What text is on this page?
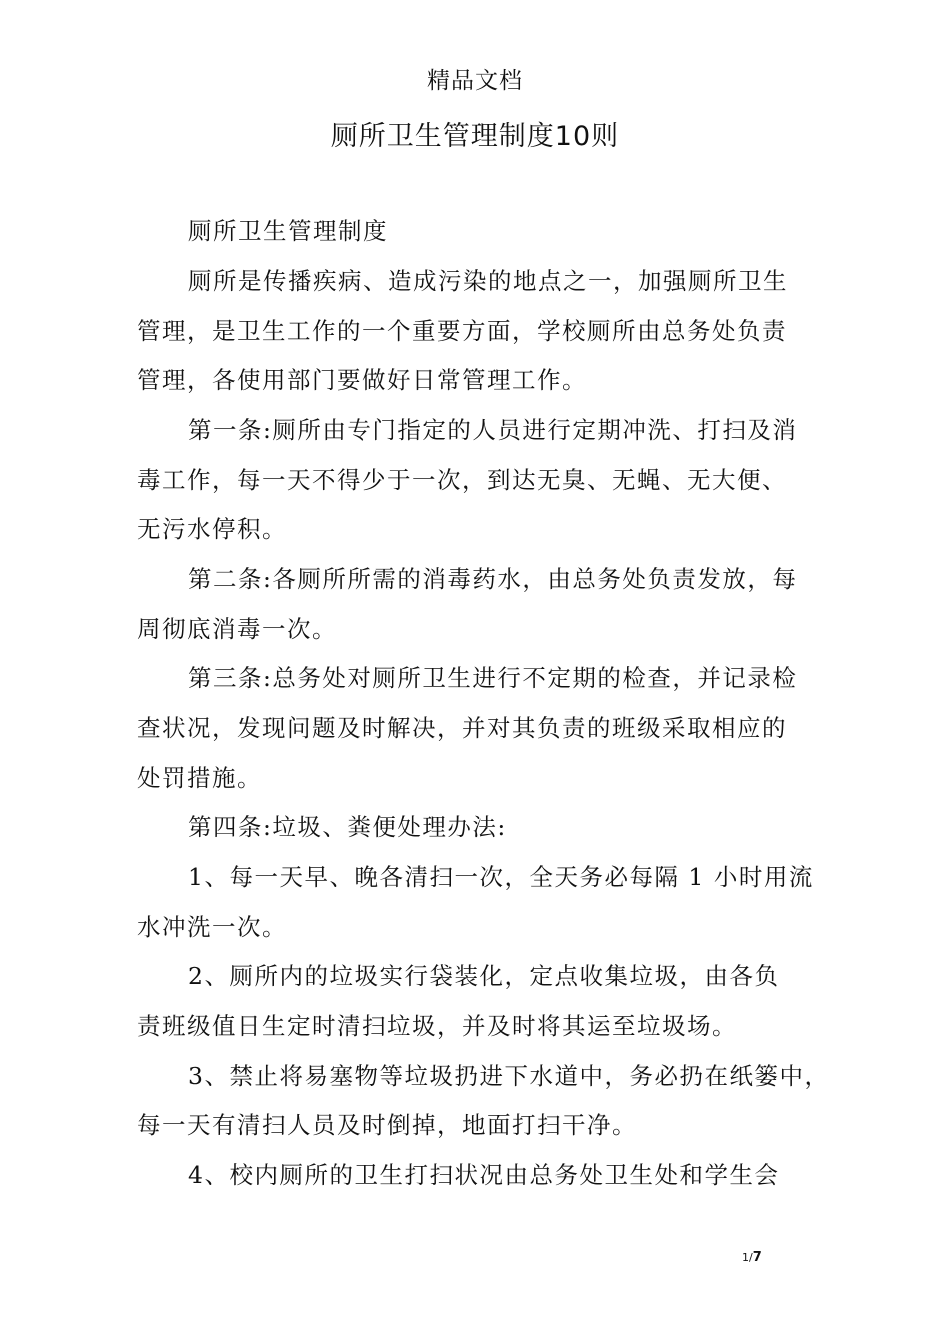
精品文档
厕所卫生管理制度10则
厕所卫生管理制度
厕所是传播疾病、造成污染的地点之一，加强厕所卫生
管理，是卫生工作的一个重要方面，学校厕所由总务处负责
管理，各使用部门要做好日常管理工作。
第一条:厕所由专门指定的人员进行定期冲洗、打扫及消
毒工作，每一天不得少于一次，到达无臭、无蝇、无大便、
无污水停积。
第二条:各厕所所需的消毒药水，由总务处负责发放，每
周彻底消毒一次。
第三条:总务处对厕所卫生进行不定期的检查，并记录检
查状况，发现问题及时解决，并对其负责的班级采取相应的
处罚措施。
第四条:垃圾、粪便处理办法:
1、每一天早、晚各清扫一次，全天务必每隔 1 小时用流
水冲洗一次。
2、厕所内的垃圾实行袋装化，定点收集垃圾，由各负
责班级值日生定时清扫垃圾，并及时将其运至垃圾场。
3、禁止将易塞物等垃圾扔进下水道中，务必扔在纸篓中，
每一天有清扫人员及时倒掉，地面打扫干净。
4、校内厕所的卫生打扫状况由总务处卫生处和学生会
1/7
